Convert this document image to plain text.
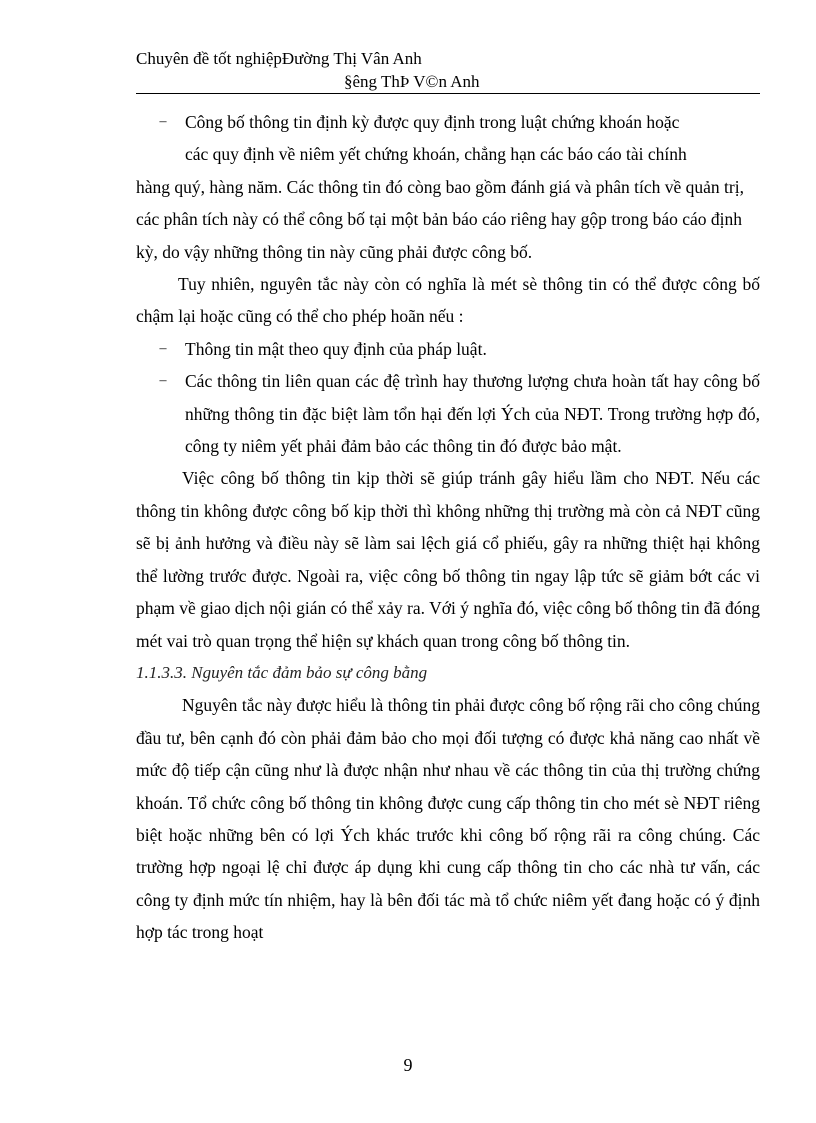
Chuyên đề tốt nghiệpĐường Thị Vân Anh
§êng ThÞ V©n Anh
– Công bố thông tin định kỳ được quy định trong luật chứng khoán hoặc
các quy định về niêm yết chứng khoán, chẳng hạn các báo cáo tài chính

hàng quý, hàng năm. Các thông tin đó còng bao gồm đánh giá và phân tích về quản trị, các phân tích này có thể công bố tại một bản báo cáo riêng hay gộp trong báo cáo định kỳ, do vậy những thông tin này cũng phải được công bố.

Tuy nhiên, nguyên tắc này còn có nghĩa là mét sè thông tin có thể được công bố chậm lại hoặc cũng có thể cho phép hoãn nếu :

– Thông tin mật theo quy định của pháp luật.
– Các thông tin liên quan các đệ trình hay thương lượng chưa hoàn tất hay công bố những thông tin đặc biệt làm tổn hại đến lợi Ých của NĐT. Trong trường hợp đó, công ty niêm yết phải đảm bảo các thông tin đó được bảo mật.

Việc công bố thông tin kịp thời sẽ giúp tránh gây hiểu lầm cho NĐT. Nếu các thông tin không được công bố kịp thời thì không những thị trường mà còn cả NĐT cũng sẽ bị ảnh hưởng và điều này sẽ làm sai lệch giá cổ phiếu, gây ra những thiệt hại không thể lường trước được. Ngoài ra, việc công bố thông tin ngay lập tức sẽ giảm bớt các vi phạm về giao dịch nội gián có thể xảy ra. Với ý nghĩa đó, việc công bố thông tin đã đóng mét vai trò quan trọng thể hiện sự khách quan trong công bố thông tin.

1.1.3.3. Nguyên tắc đảm bảo sự công bằng

Nguyên tắc này được hiểu là thông tin phải được công bố rộng rãi cho công chúng đầu tư, bên cạnh đó còn phải đảm bảo cho mọi đối tượng có được khả năng cao nhất về mức độ tiếp cận cũng như là được nhận như nhau về các thông tin của thị trường chứng khoán. Tổ chức công bố thông tin không được cung cấp thông tin cho mét sè NĐT riêng biệt hoặc những bên có lợi Ých khác trước khi công bố rộng rãi ra công chúng. Các trường hợp ngoại lệ chỉ được áp dụng khi cung cấp thông tin cho các nhà tư vấn, các công ty định mức tín nhiệm, hay là bên đối tác mà tổ chức niêm yết đang hoặc có ý định hợp tác trong hoạt

9
